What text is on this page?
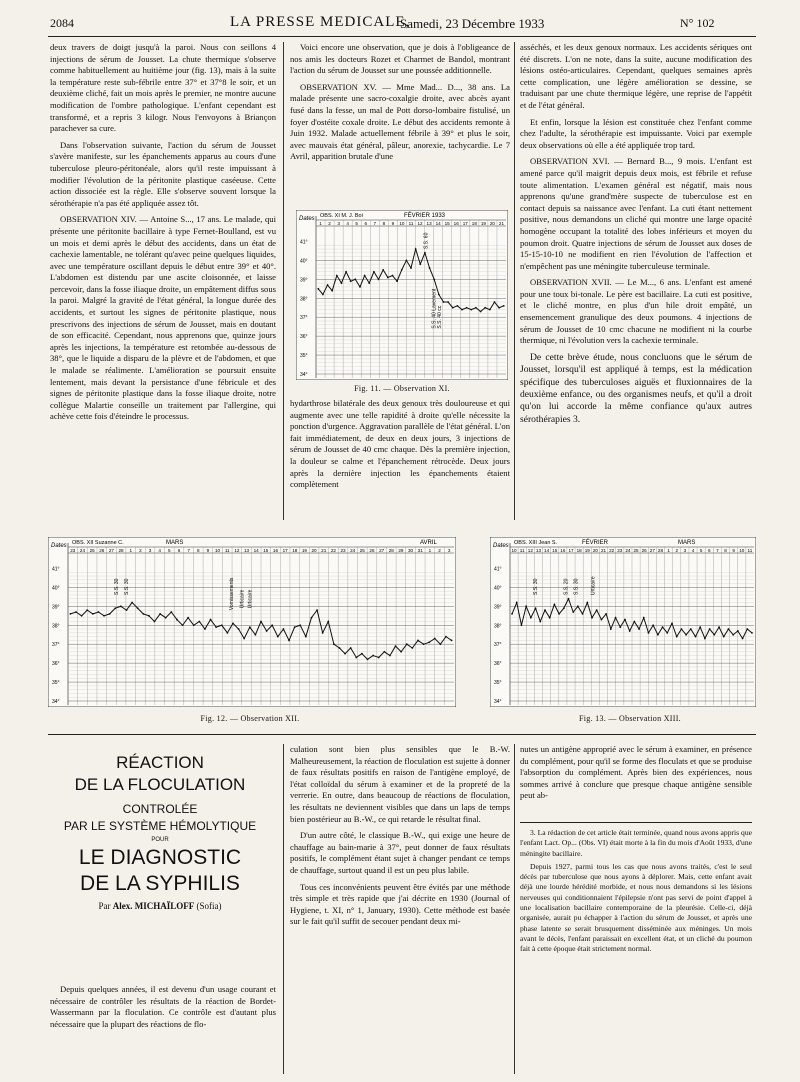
2084	LA PRESSE MEDICALE,
Samedi, 23 Décembre 1933	N° 102

deux travers de doigt jusqu'à la paroi. Nous con seillons 4 injections de sérum de Jousset. La chute thermique s'observe comme habituellement au huitième jour (fig. 13), mais à la suite la température reste sub-fébrile entre 37° et 37°8 le soir, et un deuxième cliché, fait un mois après le premier, ne montre aucune modification de l'ombre pathologique. L'enfant cependant est transformé, et a repris 3 kilogr. Nous l'envoyons à Briançon parachever sa cure.

Dans l'observation suivante, l'action du sérum de Jousset s'avère manifeste, sur les épanchements apparus au cours d'une tuberculose pleuro-péritonéale, alors qu'il reste impuissant à modifier l'évolution de la péritonite plastique caséeuse. Cette action dissociée est la règle. Elle s'observe souvent lorsque la sérothérapie n'a pas été appliquée assez tôt.

OBSERVATION XIV. — Antoine S..., 17 ans. Le malade, qui présente une péritonite bacillaire à type Fernet-Boulland, est vu un mois et demi après le début des accidents, dans un état de cachexie lamentable, ne tolérant qu'avec peine quelques liquides, avec une température oscillant depuis le début entre 39° et 40°. L'abdomen est distendu par une ascite cloisonnée, et laisse percevoir, dans la fosse iliaque droite, un empâtement diffus sous la paroi. Malgré la gravité de l'état général, la longue durée des accidents, et surtout les signes de péritonite plastique, nous prescrivons des injections de sérum de Jousset, mais en doutant de son efficacité. Cependant, nous apprenons que, quinze jours après les injections, la température est retombée au-dessous de 38°, que le liquide a disparu de la plèvre et de l'abdomen, et que le malade se réalimente. L'amélioration se poursuit ensuite lentement, mais devant la persistance d'une fébricule et des signes de péritonite plastique dans la fosse iliaque droite, notre collègue Malartie conseille un traitement par l'allergine, qui achève cette fois d'éteindre le processus.

Voici encore une observation, que je dois à l'obligeance de nos amis les docteurs Rozet et Charmet de Bandol, montrant l'action du sérum de Jousset sur une poussée additionnelle.

OBSERVATION XV. — Mme Mad... D..., 38 ans. La malade présente une sacro-coxalgie droite, avec abcès ayant fusé dans la fesse, un mal de Pott dorso-lombaire fistulisé, un foyer d'ostéite coxale droite. Le début des accidents remonte à Juin 1932. Malade actuellement fébrile à 39° et plus le soir, avec mauvais état général, pâleur, anorexie, tachycardie. Le 7 Avril, apparition brutale d'une

Dates OBS. XI M. J. Boi	FÉVRIER 1933
1 2 3 4 5 6 7 8 9 10 11 12 13 14 15 16 17 18 19 20 21
41°
40°
39°
38°
37°
36°
35°
34°
S.S. 60
S.S. 40 Lavement S.S. 40 cc
Fig. 11. — Observation XI.

hydarthrose bilatérale des deux genoux très douloureuse et qui augmente avec une telle rapidité à droite qu'elle nécessite la ponction d'urgence. Aggravation parallèle de l'état général. L'on fait immédiatement, de deux en deux jours, 3 injections de sérum de Jousset de 40 cmc chaque. Dès la première injection, la douleur se calme et l'épanchement rétrocède. Deux jours après la dernière injection les épanchements étaient complètement

asséchés, et les deux genoux normaux. Les accidents sériques ont été discrets. L'on ne note, dans la suite, aucune modification des lésions ostéo-articulaires. Cependant, quelques semaines après cette complication, une légère amélioration se dessine, se traduisant par une chute thermique légère, une reprise de l'appétit et de l'état général.

Et enfin, lorsque la lésion est constituée chez l'enfant comme chez l'adulte, la sérothérapie est impuissante. Voici par exemple deux observations où elle a été appliquée trop tard.

OBSERVATION XVI. — Bernard B..., 9 mois. L'enfant est amené parce qu'il maigrit depuis deux mois, est fébrile et refuse toute alimentation. L'examen général est négatif, mais nous apprenons qu'une grand'mère suspecte de tuberculose est en contact depuis sa naissance avec l'enfant. La cuti étant nettement positive, nous demandons un cliché qui montre une large opacité homogène occupant la totalité des lobes inférieurs et moyen du poumon droit. Quatre injections de sérum de Jousset aux doses de 15-15-10-10 ne modifient en rien l'évolution de l'affection et n'empêchent pas une méningite tuberculeuse terminale.

OBSERVATION XVII. — Le M..., 6 ans. L'enfant est amené pour une toux bi-tonale. Le père est bacillaire. La cuti est positive, et le cliché montre, en plus d'un hile droit empâté, un ensemencement granulique des deux poumons. 4 injections de sérum de Jousset de 10 cmc chacune ne modifient ni la courbe thermique, ni l'évolution vers la cachexie terminale.

De cette brève étude, nous concluons que le sérum de Jousset, lorsqu'il est appliqué à temps, est la médication spécifique des tuberculoses aiguës et fluxionnaires de la deuxième enfance, ou des organismes neufs, et qu'il a droit qu'on lui accorde la même confiance qu'aux autres sérothérapies 3.

Dates OBS. XII Suzanne C.	MARS	AVRIL
23 24 25 26 27 28 1 2 3 4 5 6 7 8 9 10 11 12 13 14 15 16 17 18 19 20 21 22 23 24 25 26 27 28 29 30 31 1 2 3
41°
40°
39°
38°
37°
36°
35°
34°
S.S. 30 S.S. 30	Vomissements Urticaire Urticaire
Fig. 12. — Observation XII.
Dates OBS. XIII Jean S.	FÉVRIER	MARS
10 11 12 13 14 15 16 17 18 19 20 21 22 23 24 25 26 27 28 1 2 3 4 5 6 7 8 9 10 11
41°
40°
39°
38°
37°
36°
35°
34°
S.S. 30	S.S. 20 S.S. 30 Urticaire
Fig. 13. — Observation XIII.
RÉACTION
DE LA FLOCULATION
CONTROLÉE
PAR LE SYSTÈME HÉMOLYTIQUE
POUR
LE DIAGNOSTIC
DE LA SYPHILIS
Par Alex. MICHAÏLOFF (Sofia)

Depuis quelques années, il est devenu d'un usage courant et nécessaire de contrôler les résultats de la réaction de Bordet-Wassermann par la floculation. Ce contrôle est d'autant plus nécessaire que la plupart des réactions de flo-

culation sont bien plus sensibles que le B.-W. Malheureusement, la réaction de floculation est sujette à donner de faux résultats positifs en raison de l'antigène employé, de l'état colloïdal du sérum à examiner et de la propreté de la verrerie. En outre, dans beaucoup de réactions de floculation, les résultats ne deviennent visibles que dans un laps de temps bien postérieur au B.-W., ce qui retarde le résultat final.

D'un autre côté, le classique B.-W., qui exige une heure de chauffage au bain-marie à 37°, peut donner de faux résultats positifs, le complément étant sujet à changer pendant ce temps de chauffage, surtout quand il est un peu plus labile.

Tous ces inconvénients peuvent être évités par une méthode très simple et très rapide que j'ai décrite en 1930 (Journal of Hygiene, t. XI, n° 1, January, 1930). Cette méthode est basée sur le fait qu'il suffit de secouer pendant deux mi-

nutes un antigène approprié avec le sérum à examiner, en présence du complément, pour qu'il se forme des floculats et que se produise l'absorption du complément. Après bien des expériences, nous sommes arrivé à conclure que presque chaque antigène sensible peut ab-

3. La rédaction de cet article était terminée, quand nous avons appris que l'enfant Lact. Op... (Obs. VI) était morte à la fin du mois d'Août 1933, d'une méningite bacillaire.

Depuis 1927, parmi tous les cas que nous avons traités, c'est le seul décès par tuberculose que nous ayons à déplorer. Mais, cette enfant avait déjà une lourde hérédité morbide, et nous nous demandons si les lésions nerveuses qui conditionnaient l'épilepsie n'ont pas servi de point d'appel à une localisation bacillaire contemporaine de la pleurésie. Celle-ci, déjà organisée, aurait pu échapper à l'action du sérum de Jousset, et après une phase latente se serait brusquement disséminée aux méninges. Un mois avant le décès, l'enfant paraissait en excellent état, et un cliché du poumon fait à cette époque était strictement normal.
